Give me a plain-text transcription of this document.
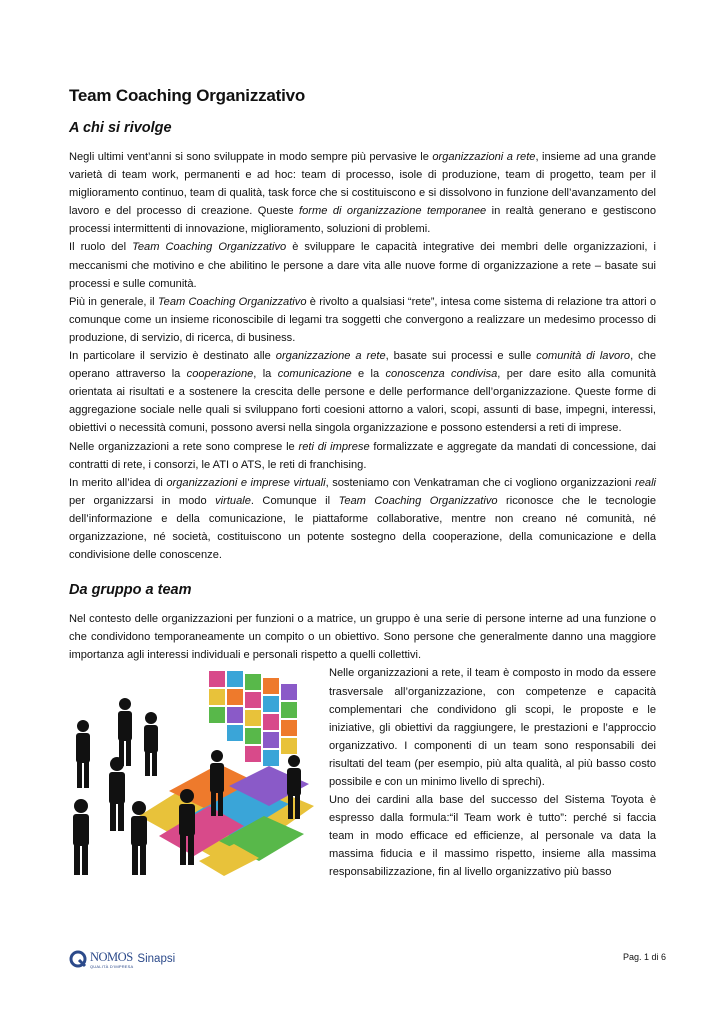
Team Coaching Organizzativo
A chi si rivolge

Negli ultimi vent’anni si sono sviluppate in modo sempre più pervasive le organizzazioni a rete, insieme ad una grande varietà di team work, permanenti e ad hoc: team di processo, isole di produzione, team di progetto, team per il miglioramento continuo, team di qualità, task force che si costituiscono e si dissolvono in funzione dell’avanzamento del lavoro e del processo di creazione. Queste forme di organizzazione temporanee in realtà generano e gestiscono processi intermittenti di innovazione, miglioramento, soluzioni di problemi.

Il ruolo del Team Coaching Organizzativo è sviluppare le capacità integrative dei membri delle organizzazioni, i meccanismi che motivino e che abilitino le persone a dare vita alle nuove forme di organizzazione a rete – basate sui processi e sulle comunità.

Più in generale, il Team Coaching Organizzativo è rivolto a qualsiasi “rete”, intesa come sistema di relazione tra attori o comunque come un insieme riconoscibile di legami tra soggetti che convergono a realizzare un medesimo processo di produzione, di servizio, di ricerca, di business.

In particolare il servizio è destinato alle organizzazione a rete, basate sui processi e sulle comunità di lavoro, che operano attraverso la cooperazione, la comunicazione e la conoscenza condivisa, per dare esito alla comunità orientata ai risultati e a sostenere la crescita delle persone e delle performance dell’organizzazione. Queste forme di aggregazione sociale nelle quali si sviluppano forti coesioni attorno a valori, scopi, assunti di base, impegni, interessi, obiettivi o necessità comuni, possono aversi nella singola organizzazione e possono estendersi a reti di imprese.

Nelle organizzazioni a rete sono comprese le reti di imprese formalizzate e aggregate da mandati di concessione, dai contratti di rete, i consorzi, le ATI o ATS, le reti di franchising.

In merito all’idea di organizzazioni e imprese virtuali, sosteniamo con Venkatraman che ci vogliono organizzazioni reali per organizzarsi in modo virtuale. Comunque il Team Coaching Organizzativo riconosce che le tecnologie dell’informazione e della comunicazione, le piattaforme collaborative, mentre non creano né comunità, né organizzazione, né società, costituiscono un potente sostegno della cooperazione, della comunicazione e della condivisione delle conoscenze.

Da gruppo a team

Nel contesto delle organizzazioni per funzioni o a matrice, un gruppo è una serie di persone interne ad una funzione o che condividono temporaneamente un compito o un obiettivo. Sono persone che generalmente danno una maggiore importanza agli interessi individuali e personali rispetto a quelli collettivi.

Nelle organizzazioni a rete, il team è composto in modo da essere trasversale all’organizzazione, con competenze e capacità complementari che condividono gli scopi, le proposte e le iniziative, gli obiettivi da raggiungere, le prestazioni e l’approccio organizzativo. I componenti di un team sono responsabili dei risultati del team (per esempio, più alta qualità, al più basso costo possibile e con un minimo livello di sprechi).

Uno dei cardini alla base del successo del Sistema Toyota è espresso dalla formula:“il Team work è tutto”: perché si faccia team in modo efficace ed efficienze, al personale va data la massima fiducia e il massimo rispetto, insieme alla massima responsabilizzazione, fin al livello organizzativo più basso

NOMOS
QUALITÀ D’IMPRESA
Sinapsi	Pag. 1 di 6
